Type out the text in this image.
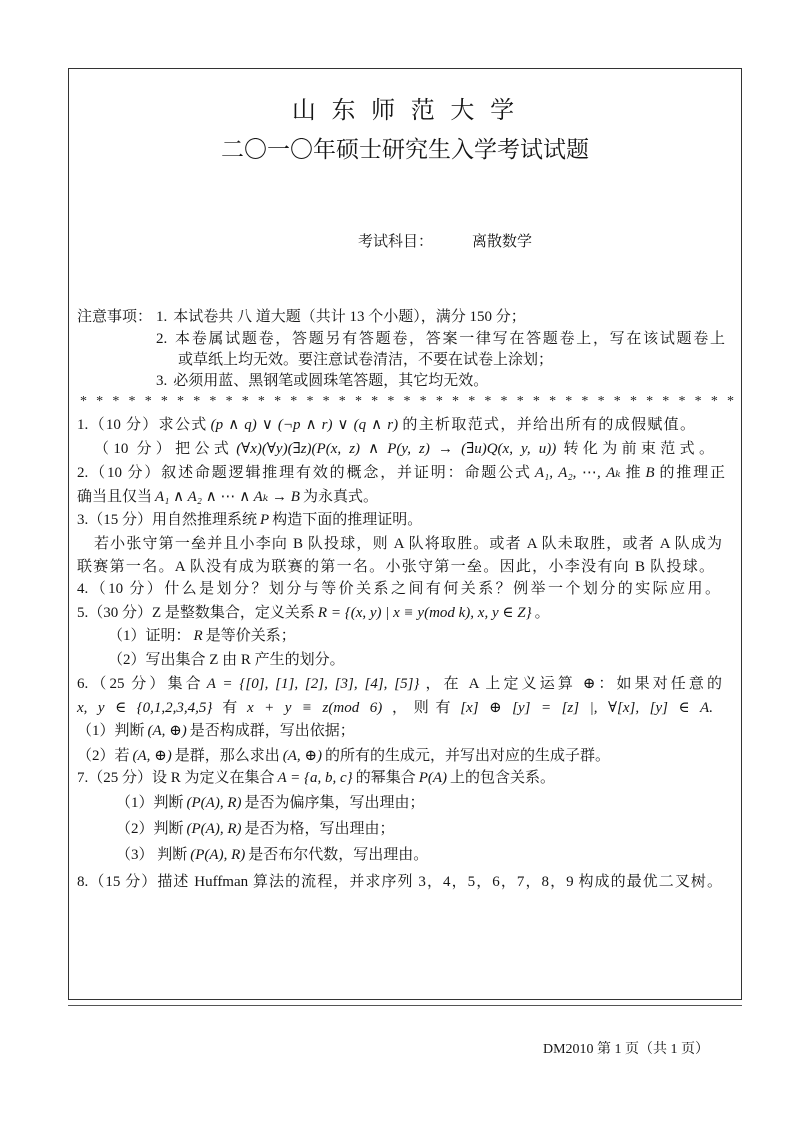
山 东 师 范 大 学
二〇一〇年硕士研究生入学考试试题
考试科目：	离散数学
注意事项： 1. 本试卷共 八 道大题（共计 13 个小题），满分 150 分；
2. 本卷属试题卷，答题另有答题卷，答案一律写在答题卷上，写在该试题卷上
或草纸上均无效。要注意试卷清洁，不要在试卷上涂划；
3. 必须用蓝、黑钢笔或圆珠笔答题，其它均无效。
* * * * * * * * * * * * * * * * * * * * * * * * * * * * * * * * * * * * * * * * *
1.（10 分）求公式 (p ∧ q) ∨ (¬p ∧ r) ∨ (q ∧ r) 的主析取范式，并给出所有的成假赋值。
（10 分）把公式 (∀x)(∀y)(∃z)(P(x, z) ∧ P(y, z) → (∃u)Q(x, y, u)) 转化为前束范式。
2.（10 分）叙述命题逻辑推理有效的概念，并证明：命题公式 A₁, A₂, ⋯, Aₖ 推 B 的推理正
确当且仅当 A₁ ∧ A₂ ∧ ⋯ ∧ Aₖ → B 为永真式。
3.（15 分）用自然推理系统 P 构造下面的推理证明。
若小张守第一垒并且小李向 B 队投球，则 A 队将取胜。或者 A 队未取胜，或者 A 队成为
联赛第一名。A 队没有成为联赛的第一名。小张守第一垒。因此，小李没有向 B 队投球。
4.（10 分）什么是划分？划分与等价关系之间有何关系？例举一个划分的实际应用。
5.（30 分）Z 是整数集合，定义关系 R = {(x, y) | x ≡ y(mod k), x, y ∈ Z} 。
（1）证明： R 是等价关系；
（2）写出集合 Z 由 R 产生的划分。
6.（25 分）集合 A = {[0], [1], [2], [3], [4], [5]} ，在 A 上定义运算 ⊕：如果对任意的
x, y ∈ {0,1,2,3,4,5} 有 x + y ≡ z(mod 6) ，则有 [x] ⊕ [y] = [z] |, ∀[x], [y] ∈ A.
（1）判断 (A, ⊕) 是否构成群，写出依据；
（2）若 (A, ⊕) 是群，那么求出 (A, ⊕) 的所有的生成元，并写出对应的生成子群。
7.（25 分）设 R 为定义在集合 A = {a, b, c} 的幂集合 P(A) 上的包含关系。
（1）判断 (P(A), R) 是否为偏序集，写出理由；
（2）判断 (P(A), R) 是否为格，写出理由；
（3） 判断 (P(A), R) 是否布尔代数，写出理由。
8.（15 分）描述 Huffman 算法的流程，并求序列 3，4，5，6，7，8，9 构成的最优二叉树。
DM2010 第 1 页（共 1 页）
